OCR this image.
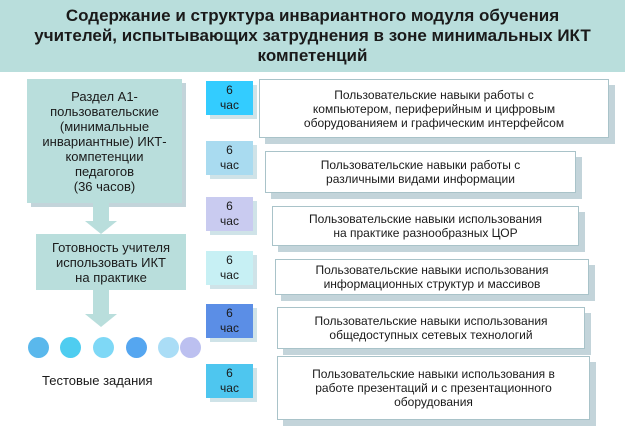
Содержание и структура инвариантного модуля обучения
учителей, испытывающих затруднения в зоне минимальных ИКТ
компетенций
Раздел А1-
пользовательские
(минимальные
инвариантные) ИКТ-
компетенции
педагогов
(36 часов)
Готовность учителя
использовать ИКТ
на практике
Тестовые задания
6
час
Пользовательские навыки работы с
компьютером, периферийным и цифровым
оборудованияем и графическим интерфейсом
6
час	Пользовательские навыки работы с
различными видами информации
6
час	Пользовательские навыки использования
на практике разнообразных ЦОР
6
час	Пользовательские навыки использования
информационных структур и массивов
6
час	Пользовательские навыки использования
общедоступных сетевых технологий
6
час
Пользовательские навыки использования в
работе презентаций и с презентационного
оборудования
